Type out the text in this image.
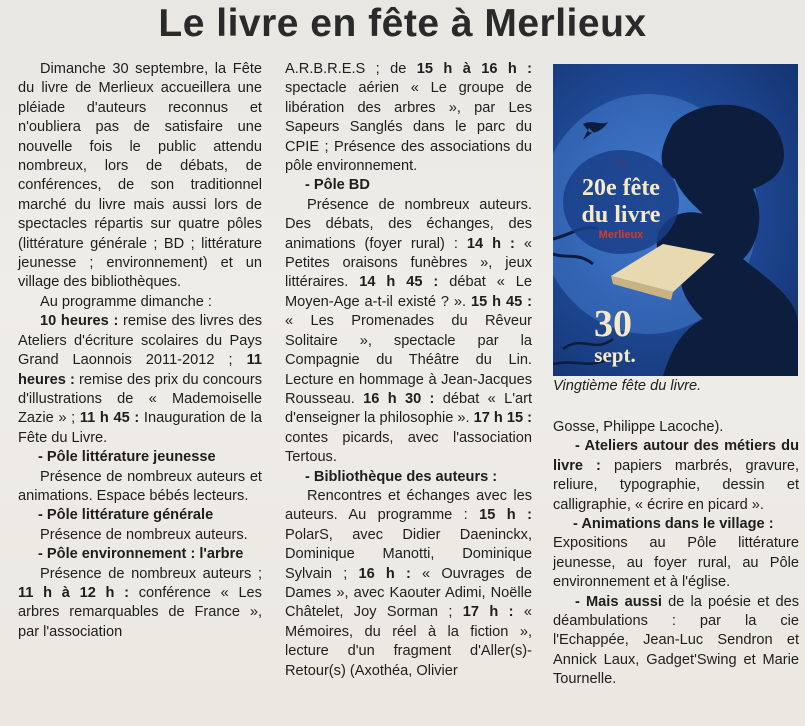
Le livre en fête à Merlieux

Dimanche 30 septembre, la Fête du livre de Merlieux accueillera une pléiade d'auteurs reconnus et n'oubliera pas de satisfaire une nouvelle fois le public attendu nombreux, lors de débats, de conférences, de son traditionnel marché du livre mais aussi lors de spectacles répartis sur quatre pôles (littérature générale ; BD ; littérature jeunesse ; environnement) et un village des bibliothèques.

Au programme dimanche :

10 heures : remise des livres des Ateliers d'écriture scolaires du Pays Grand Laonnois 2011-2012 ; 11 heures : remise des prix du concours d'illustrations de « Mademoiselle Zazie » ; 11 h 45 : Inauguration de la Fête du Livre.

- Pôle littérature jeunesse

Présence de nombreux auteurs et animations. Espace bébés lecteurs.

- Pôle littérature générale

Présence de nombreux auteurs.

- Pôle environnement : l'arbre

Présence de nombreux auteurs ; 11 h à 12 h : conférence « Les arbres remarquables de France », par l'association

A.R.B.R.E.S ; de 15 h à 16 h : spectacle aérien « Le groupe de libération des arbres », par Les Sapeurs Sanglés dans le parc du CPIE ; Présence des associations du pôle environnement.

- Pôle BD

Présence de nombreux auteurs. Des débats, des échanges, des animations (foyer rural) : 14 h : « Petites oraisons funèbres », jeux littéraires. 14 h 45 : débat « Le Moyen-Age a-t-il existé ? ». 15 h 45 : « Les Promenades du Rêveur Solitaire », spectacle par la Compagnie du Théâtre du Lin. Lecture en hommage à Jean-Jacques Rousseau. 16 h 30 : débat « L'art d'enseigner la philosophie ». 17 h 15 : contes picards, avec l'association Tertous.

- Bibliothèque des auteurs :

Rencontres et échanges avec les auteurs. Au programme : 15 h : PolarS, avec Didier Daeninckx, Dominique Manotti, Dominique Sylvain ; 16 h : « Ouvrages de Dames », avec Kaouter Adimi, Noëlle Châtelet, Joy Sorman ; 17 h : « Mémoires, du réel à la fiction », lecture d'un fragment d'Aller(s)-Retour(s) (Axothéa, Olivier

20e fête
du livre
Merlieux
30
sept.
Vingtième fête du livre.

Gosse, Philippe Lacoche).

- Ateliers autour des métiers du livre : papiers marbrés, gravure, reliure, typographie, dessin et calligraphie, « écrire en picard ».

- Animations dans le village :

Expositions au Pôle littérature jeunesse, au foyer rural, au Pôle environnement et à l'église.

- Mais aussi de la poésie et des déambulations : par la cie l'Echappée, Jean-Luc Sendron et Annick Laux, Gadget'Swing et Marie Tournelle.
